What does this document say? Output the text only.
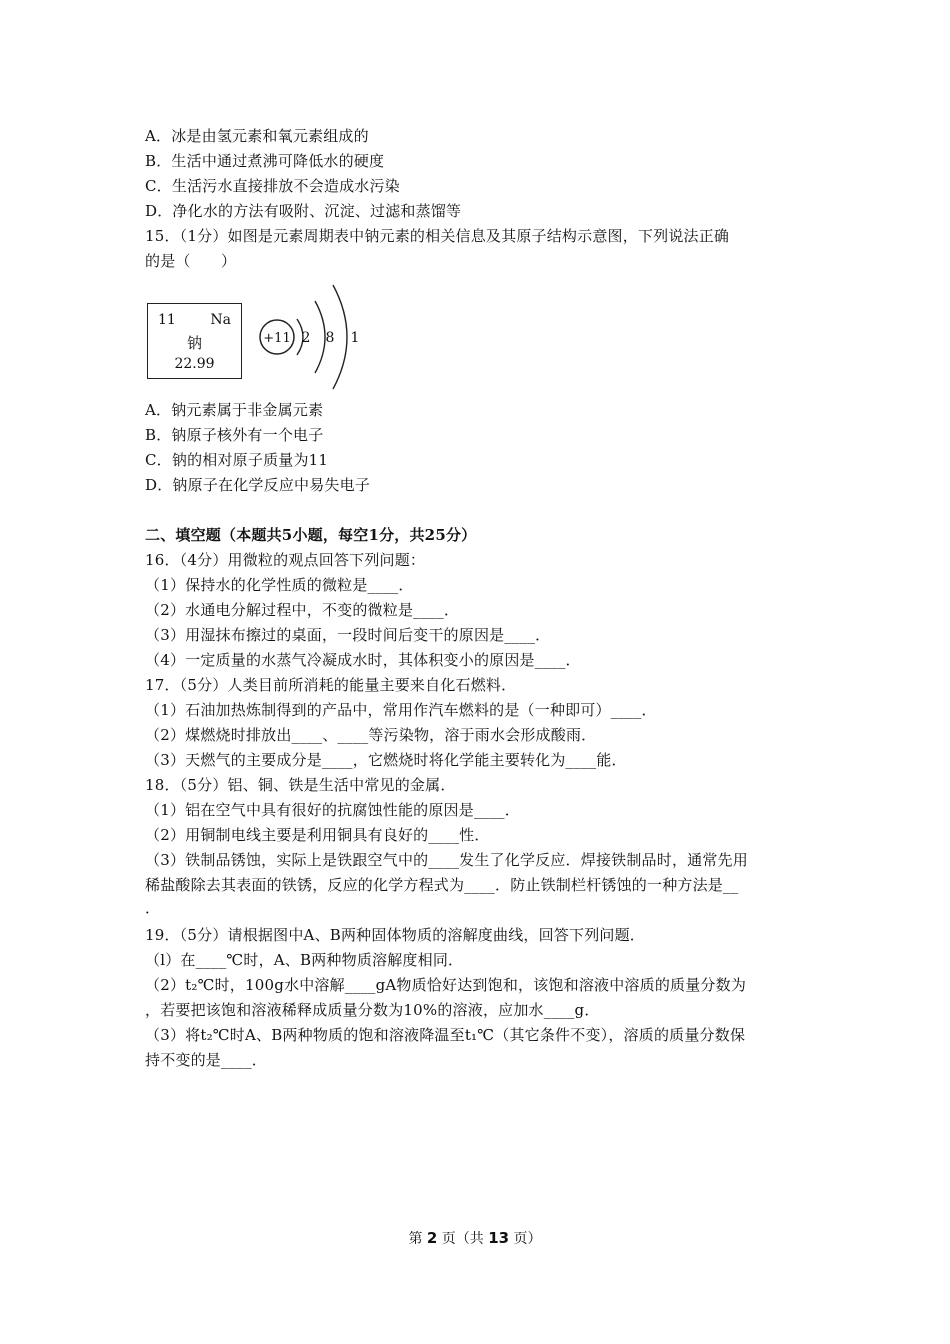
A．冰是由氢元素和氧元素组成的
B．生活中通过煮沸可降低水的硬度
C．生活污水直接排放不会造成水污染
D．净化水的方法有吸附、沉淀、过滤和蒸馏等
15．（1分）如图是元素周期表中钠元素的相关信息及其原子结构示意图，下列说法正确
的是（　　）
11 Na
钠
22.99
+11 2 8 1
A．钠元素属于非金属元素
B．钠原子核外有一个电子
C．钠的相对原子质量为11
D．钠原子在化学反应中易失电子
二、填空题（本题共5小题，每空1分，共25分）
16．（4分）用微粒的观点回答下列问题：
（1）保持水的化学性质的微粒是____．
（2）水通电分解过程中，不变的微粒是____．
（3）用湿抹布擦过的桌面，一段时间后变干的原因是____．
（4）一定质量的水蒸气冷凝成水时，其体积变小的原因是____．
17．（5分）人类目前所消耗的能量主要来自化石燃料．
（1）石油加热炼制得到的产品中，常用作汽车燃料的是（一种即可）____．
（2）煤燃烧时排放出____、____等污染物，溶于雨水会形成酸雨．
（3）天燃气的主要成分是____，它燃烧时将化学能主要转化为____能．
18．（5分）铝、铜、铁是生活中常见的金属．
（1）铝在空气中具有很好的抗腐蚀性能的原因是____．
（2）用铜制电线主要是利用铜具有良好的____性．
（3）铁制品锈蚀，实际上是铁跟空气中的____发生了化学反应．焊接铁制品时，通常先用
稀盐酸除去其表面的铁锈，反应的化学方程式为____．防止铁制栏杆锈蚀的一种方法是__
．
19．（5分）请根据图中A、B两种固体物质的溶解度曲线，回答下列问题．
（l）在____℃时，A、B两种物质溶解度相同．
（2）t₂℃时，100g水中溶解____gA物质恰好达到饱和，该饱和溶液中溶质的质量分数为
，若要把该饱和溶液稀释成质量分数为10%的溶液，应加水____g．
（3）将t₂℃时A、B两种物质的饱和溶液降温至t₁℃（其它条件不变），溶质的质量分数保
持不变的是____．
第 2 页（共 13 页）
